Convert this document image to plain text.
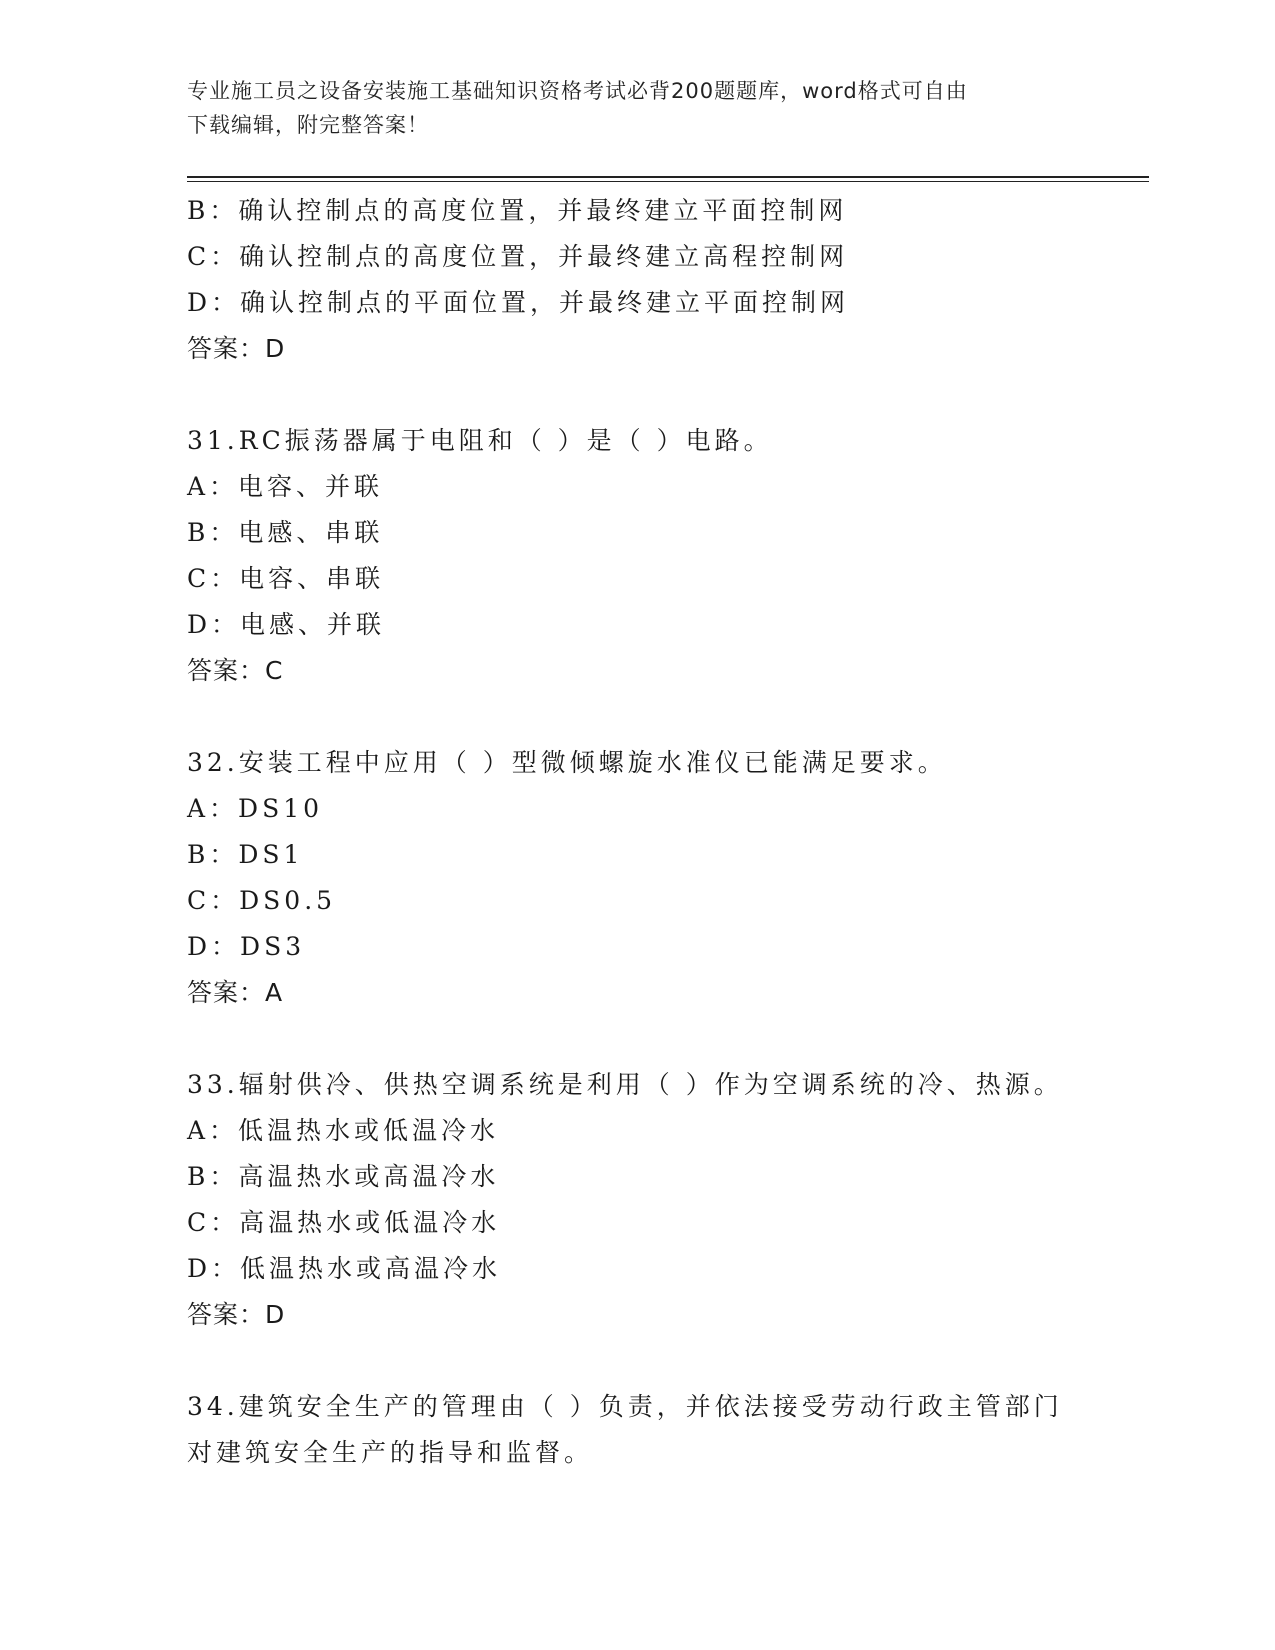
专业施工员之设备安装施工基础知识资格考试必背200题题库，word格式可自由
下载编辑，附完整答案！
B：确认控制点的高度位置，并最终建立平面控制网
C：确认控制点的高度位置，并最终建立高程控制网
D：确认控制点的平面位置，并最终建立平面控制网
答案：D
31.RC振荡器属于电阻和（ ）是（ ）电路。
A：电容、并联
B：电感、串联
C：电容、串联
D：电感、并联
答案：C
32.安装工程中应用（ ）型微倾螺旋水准仪已能满足要求。
A：DS10
B：DS1
C：DS0.5
D：DS3
答案：A
33.辐射供冷、供热空调系统是利用（ ）作为空调系统的冷、热源。
A：低温热水或低温冷水
B：高温热水或高温冷水
C：高温热水或低温冷水
D：低温热水或高温冷水
答案：D
34.建筑安全生产的管理由（ ）负责，并依法接受劳动行政主管部门
对建筑安全生产的指导和监督。
